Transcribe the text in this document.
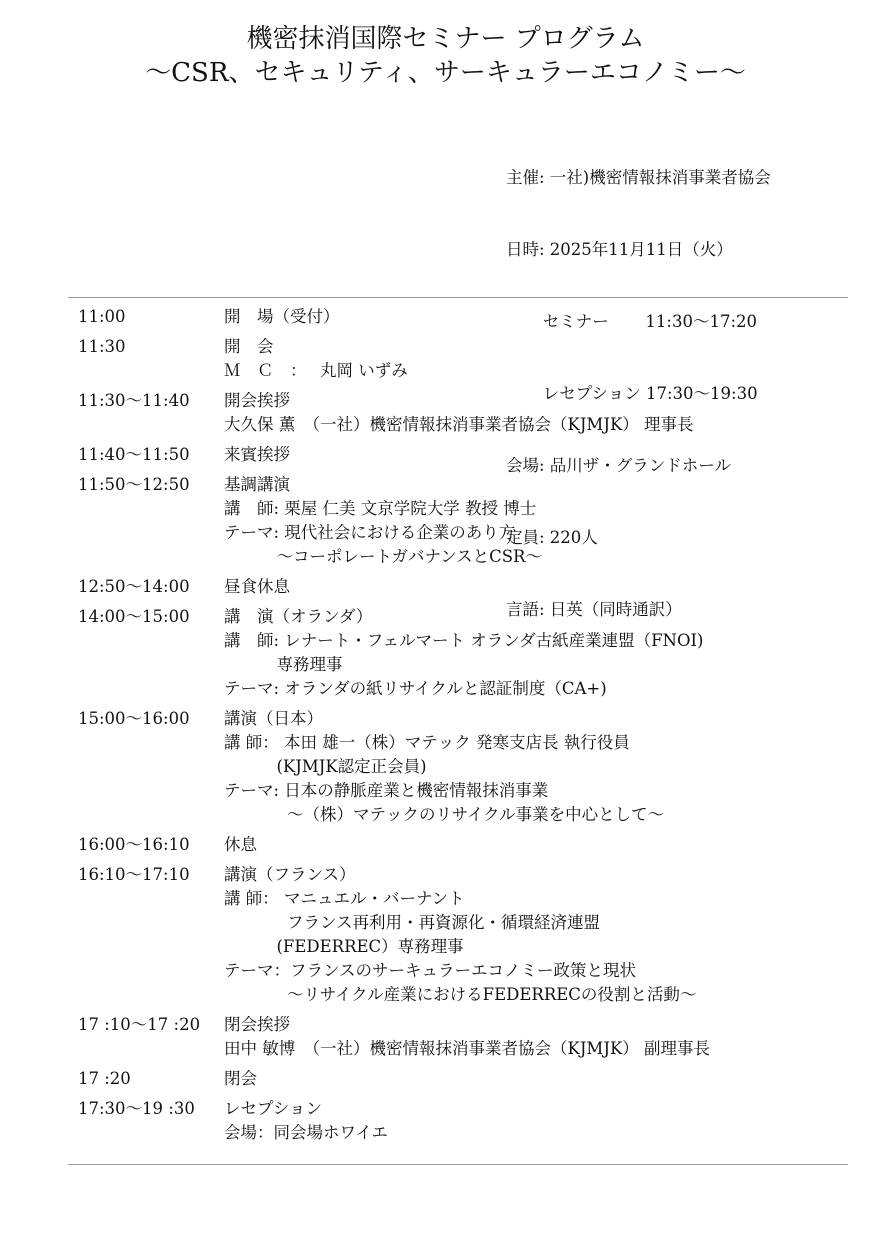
機密抹消国際セミナー プログラム
～CSR、セキュリティ、サーキュラーエコノミー～

主催: 一社)機密情報抹消事業者協会

日時: 2025年11月11日（火）

セミナー       11:30～17:20

レセプション 17:30～19:30

会場: 品川ザ・グランドホール

定員: 220人

言語: 日英（同時通訳）

11:00	開　場（受付）
11:30	開　会
Ｍ　Ｃ　：　 丸岡 いずみ
11:30～11:40	開会挨拶
大久保 薫　（一社）機密情報抹消事業者協会（KJMJK） 理事長
11:40～11:50	来賓挨拶
11:50～12:50	基調講演
講　師: 栗屋 仁美 文京学院大学 教授 博士
テーマ: 現代社会における企業のあり方
～コーポレートガバナンスとCSR～
12:50～14:00	昼食休息
14:00～15:00	講　演（オランダ）
講　師: レナート・フェルマート オランダ古紙産業連盟（FNOI)
専務理事
テーマ: オランダの紙リサイクルと認証制度（CA+)
15:00～16:00	講演（日本）
講 師： 本田 雄一（株）マテック 発寒支店長 執行役員
(KJMJK認定正会員)
テーマ: 日本の静脈産業と機密情報抹消事業
～（株）マテックのリサイクル事業を中心として～
16:00～16:10	休息
16:10～17:10	講演（フランス）
講 師： マニュエル・バーナント
フランス再利用・再資源化・循環経済連盟
(FEDERREC）専務理事
テーマ：フランスのサーキュラーエコノミー政策と現状
～リサイクル産業におけるFEDERRECの役割と活動～
17 :10～17 :20	閉会挨拶
田中 敏博　（一社）機密情報抹消事業者協会（KJMJK） 副理事長
17 :20	閉会
17:30～19 :30	レセプション
会場：同会場ホワイエ
